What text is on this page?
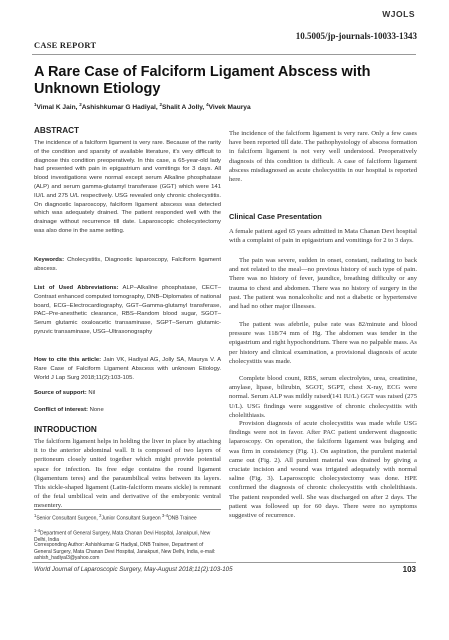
WJOLS
10.5005/jp-journals-10033-1343
CASE REPORT
A Rare Case of Falciform Ligament Abscess with Unknown Etiology
$^1$Vimal K Jain, $^2$Ashishkumar G Hadiyal, $^2$Shalit A Jolly, $^4$Vivek Maurya
ABSTRACT
The incidence of a falciform ligament is very rare. Because of the rarity of the condition and sparsity of available literature, it's very difficult to diagnose this condition preoperatively. In this case, a 65-year-old lady had presented with pain in epigastrium and vomitings for 3 days. All blood investigations were normal except serum Alkaline phosphatase (ALP) and serum gamma-glutamyl transferase (GGT) which were 141 IU/L and 275 U/L respectively. USG revealed only chronic cholecystitis. On diagnostic laparoscopy, falciform ligament abscess was detected which was adequately drained. The patient responded well with the drainage without recurrence till date. Laparoscopic cholecystectomy was also done in the same setting.
Keywords: Cholecystitis, Diagnostic laparoscopy, Falciform ligament abscess.
List of Used Abbreviations: ALP–Alkaline phosphatase, CECT–Contrast enhanced computed tomography, DNB–Diplomates of national board, ECG–Electrocardiography, GGT–Gamma-glutamyl transferase, PAC–Pre-anesthetic clearance, RBS–Random blood sugar, SGOT–Serum glutamic oxaloacetic transaminase, SGPT–Serum glutamic-pyruvic transaminase, USG–Ultrasonography
How to cite this article: Jain VK, Hadiyal AG, Jolly SA, Maurya V. A Rare Case of Falciform Ligament Abscess with unknown Etiology. World J Lap Surg 2018;11(2):103-105.
Source of support: Nil
Conflict of interest: None
INTRODUCTION
The falciform ligament helps in holding the liver in place by attaching it to the anterior abdominal wall. It is composed of two layers of peritoneum closely united together which might provide potential space for infection. Its free edge contains the round ligament (ligamentum teres) and the paraumbilical veins between its layers. This sickle-shaped ligament (Latin-falciform means sickle) is remnant of the fetal umbilical vein and derivative of the embryonic ventral mesentery.
$^1$Senior Consultant Surgeon, $^2$Junior Consultant Surgeon $^{3-4}$DNB Trainee
$^{1-4}$Department of General Surgery, Mata Chanan Devi Hospital, Janakpuri, New Delhi, India
Corresponding Author: Ashishkumar G Hadiyal, DNB Trainee, Department of General Surgery, Mata Chanan Devi Hospital, Janakpuri, New Delhi, India, e-mail: ashish_hadiyal3@yahoo.com
The incidence of the falciform ligament is very rare. Only a few cases have been reported till date. The pathophysiology of abscess formation in falciform ligament is not very well understood. Preoperatively diagnosis of this condition is difficult. A case of falciform ligament abscess misdiagnosed as acute cholecystitis in our hospital is reported here.
Clinical Case Presentation
A female patient aged 65 years admitted in Mata Chanan Devi hospital with a complaint of pain in epigastrium and vomitings for 2 to 3 days.
The pain was severe, sudden in onset, constant, radiating to back and not related to the meal—no previous history of such type of pain. There was no history of fever, jaundice, breathing difficulty or any trauma to chest and abdomen. There was no history of surgery in the past. The patient was nonalcoholic and not a diabetic or hypertensive and had no other major illnesses.
The patient was afebrile, pulse rate was 82/minute and blood pressure was 118/74 mm of Hg. The abdomen was tender in the epigastrium and right hypochondrium. There was no palpable mass. As per history and clinical examination, a provisional diagnosis of acute cholecystitis was made.
Complete blood count, RBS, serum electrolytes, urea, creatinine, amylase, lipase, bilirubin, SGOT, SGPT, chest X-ray, ECG were normal. Serum ALP was mildly raised(141 IU/L) GGT was raised (275 U/L). USG findings were suggestive of chronic cholecystitis with cholelithiasis.
Provision diagnosis of acute cholecystitis was made while USG findings were not in favor. After PAC patient underwent diagnostic laparoscopy. On operation, the falciform ligament was bulging and was firm in consistency (Fig. 1). On aspiration, the purulent material came out (Fig. 2). All purulent material was drained by giving a cruciate incision and wound was irrigated adequately with normal saline (Fig. 3). Laparoscopic cholecystectomy was done. HPE confirmed the diagnosis of chronic cholecystitis with cholelithiasis. The patient responded well. She was discharged on after 2 days. The patient was followed up for 60 days. There were no symptoms suggestive of recurrence.
World Journal of Laparoscopic Surgery, May-August 2018;11(2):103-105	103
